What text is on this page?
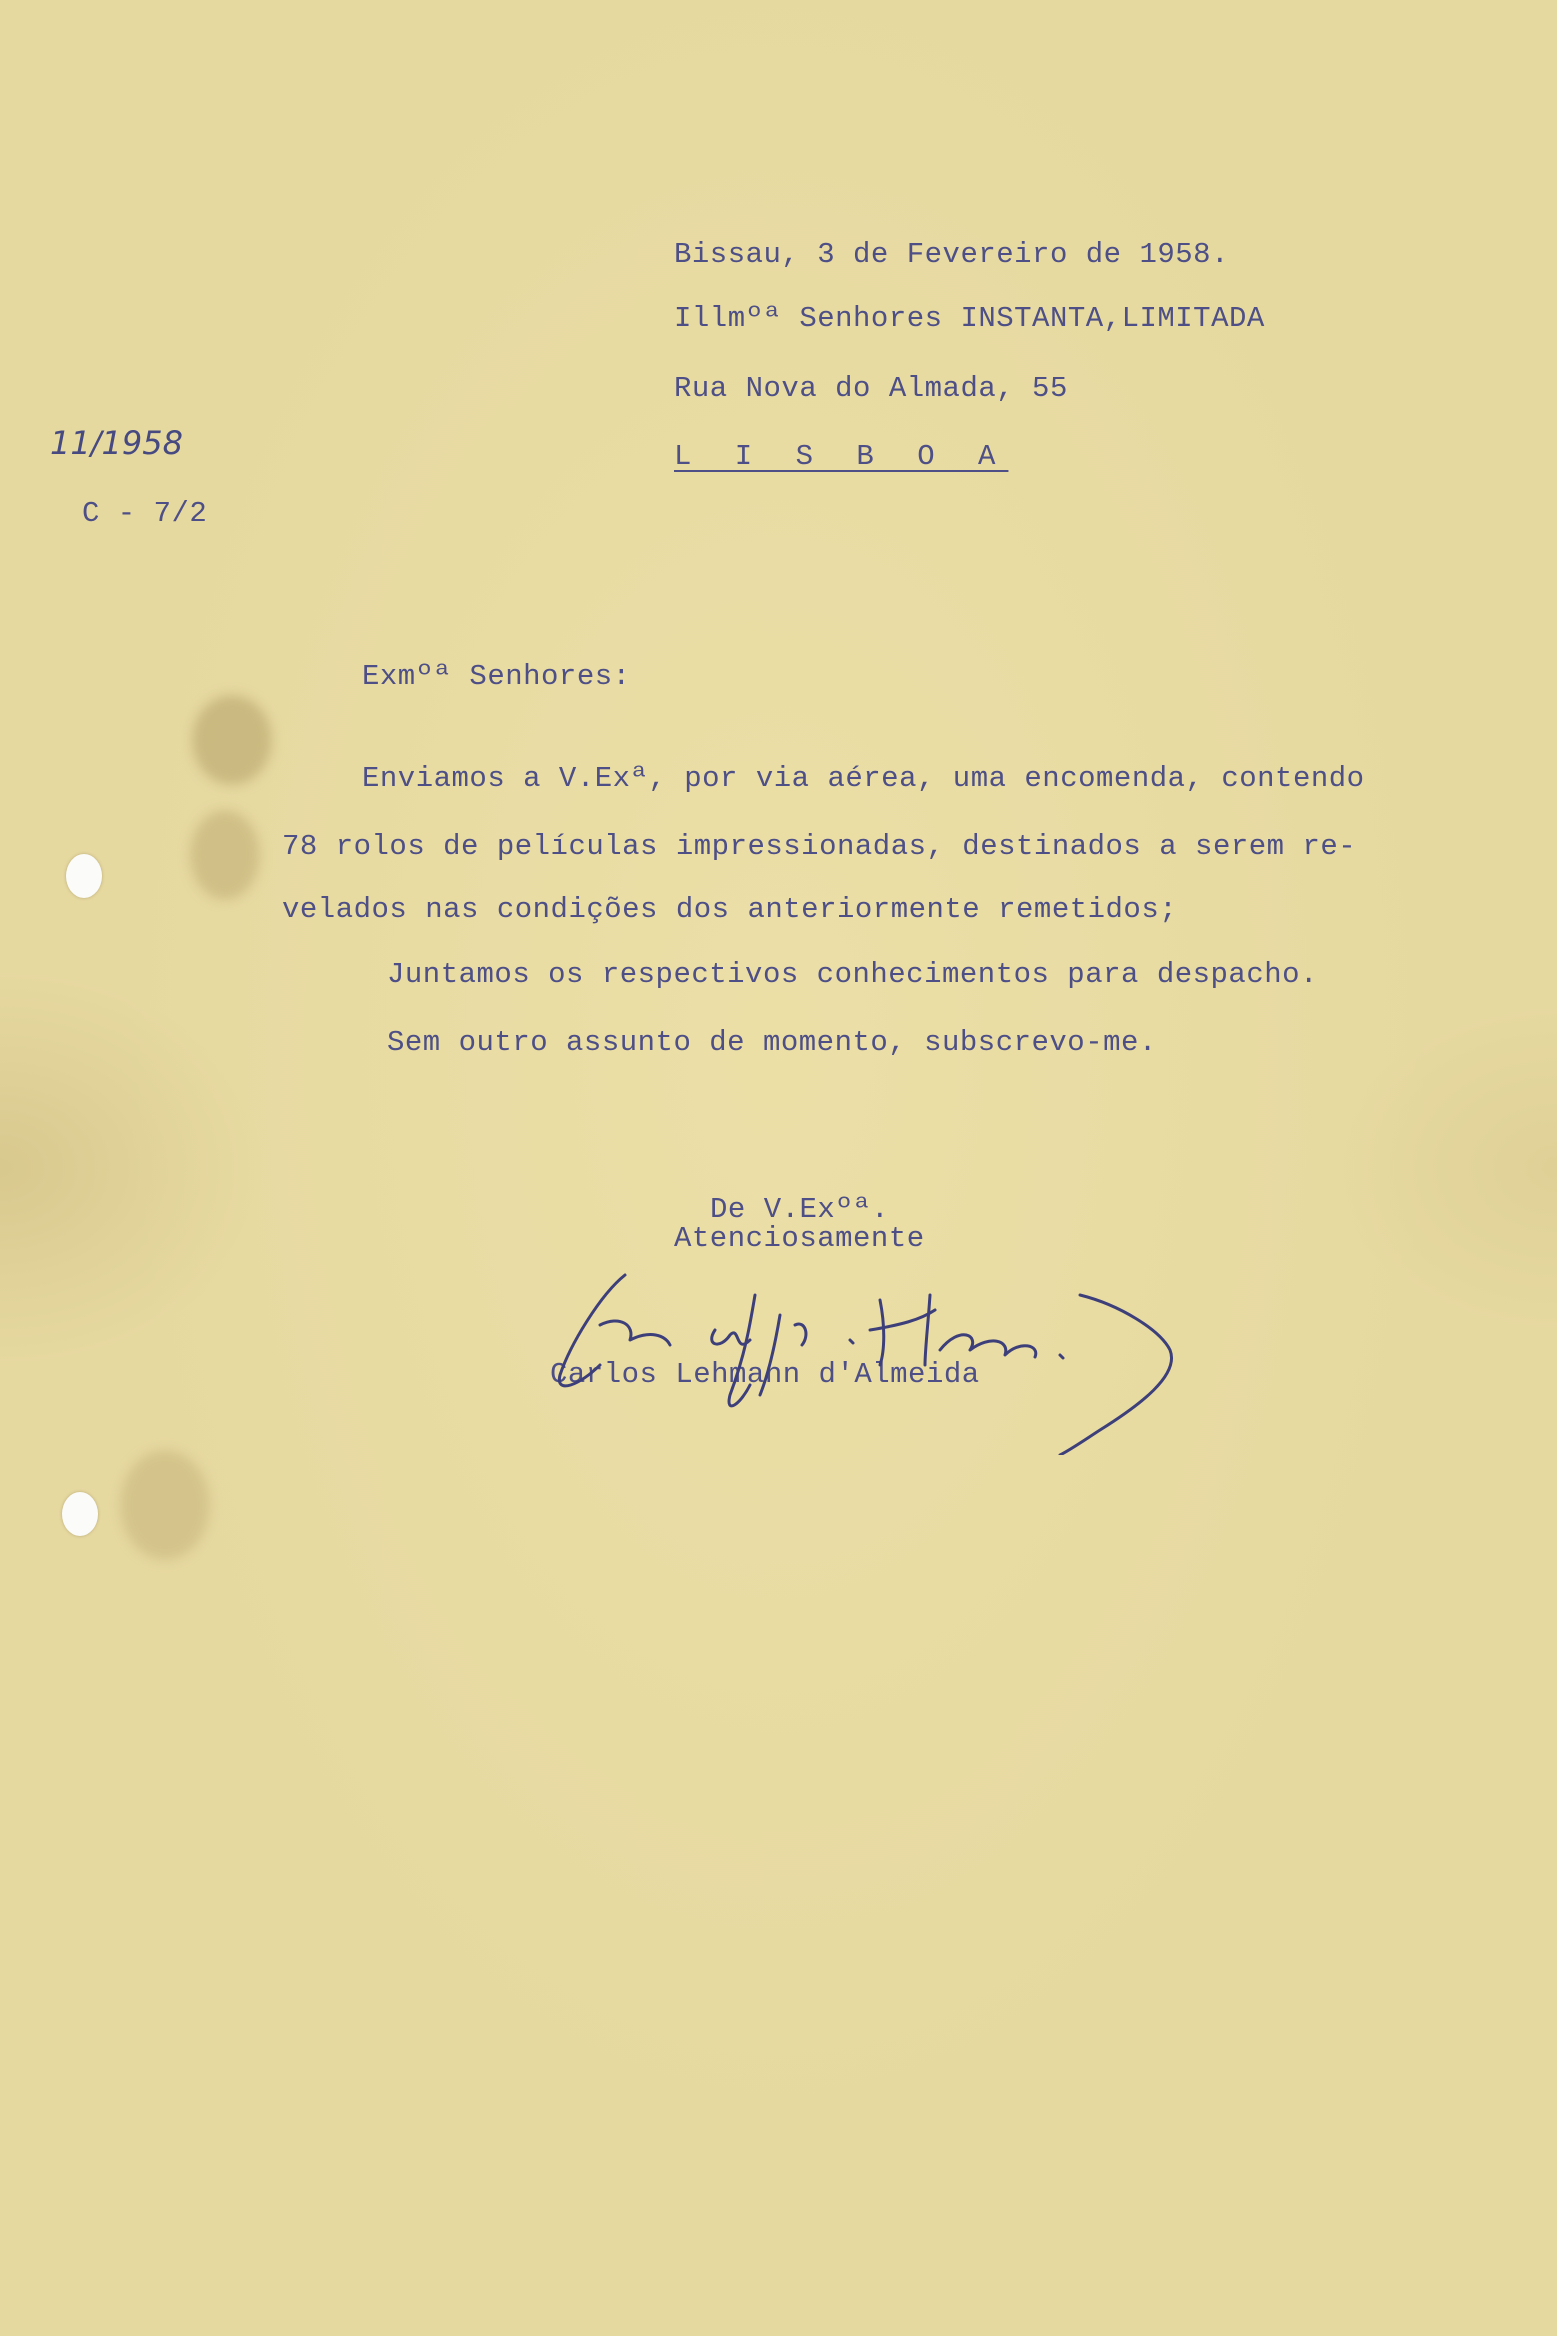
11/1958
C - 7/2
Bissau, 3 de Fevereiro de 1958.
Illmºª Senhores INSTANTA,LIMITADA
Rua Nova do Almada, 55
L I S B O A
Exmºª Senhores:
Enviamos a V.Exª, por via aérea, uma encomenda, contendo
78 rolos de películas impressionadas, destinados a serem re-
velados nas condições dos anteriormente remetidos;
Juntamos os respectivos conhecimentos para despacho.
Sem outro assunto de momento, subscrevo-me.
De V.Exºª.
Atenciosamente
Carlos Lehmann d'Almeida
